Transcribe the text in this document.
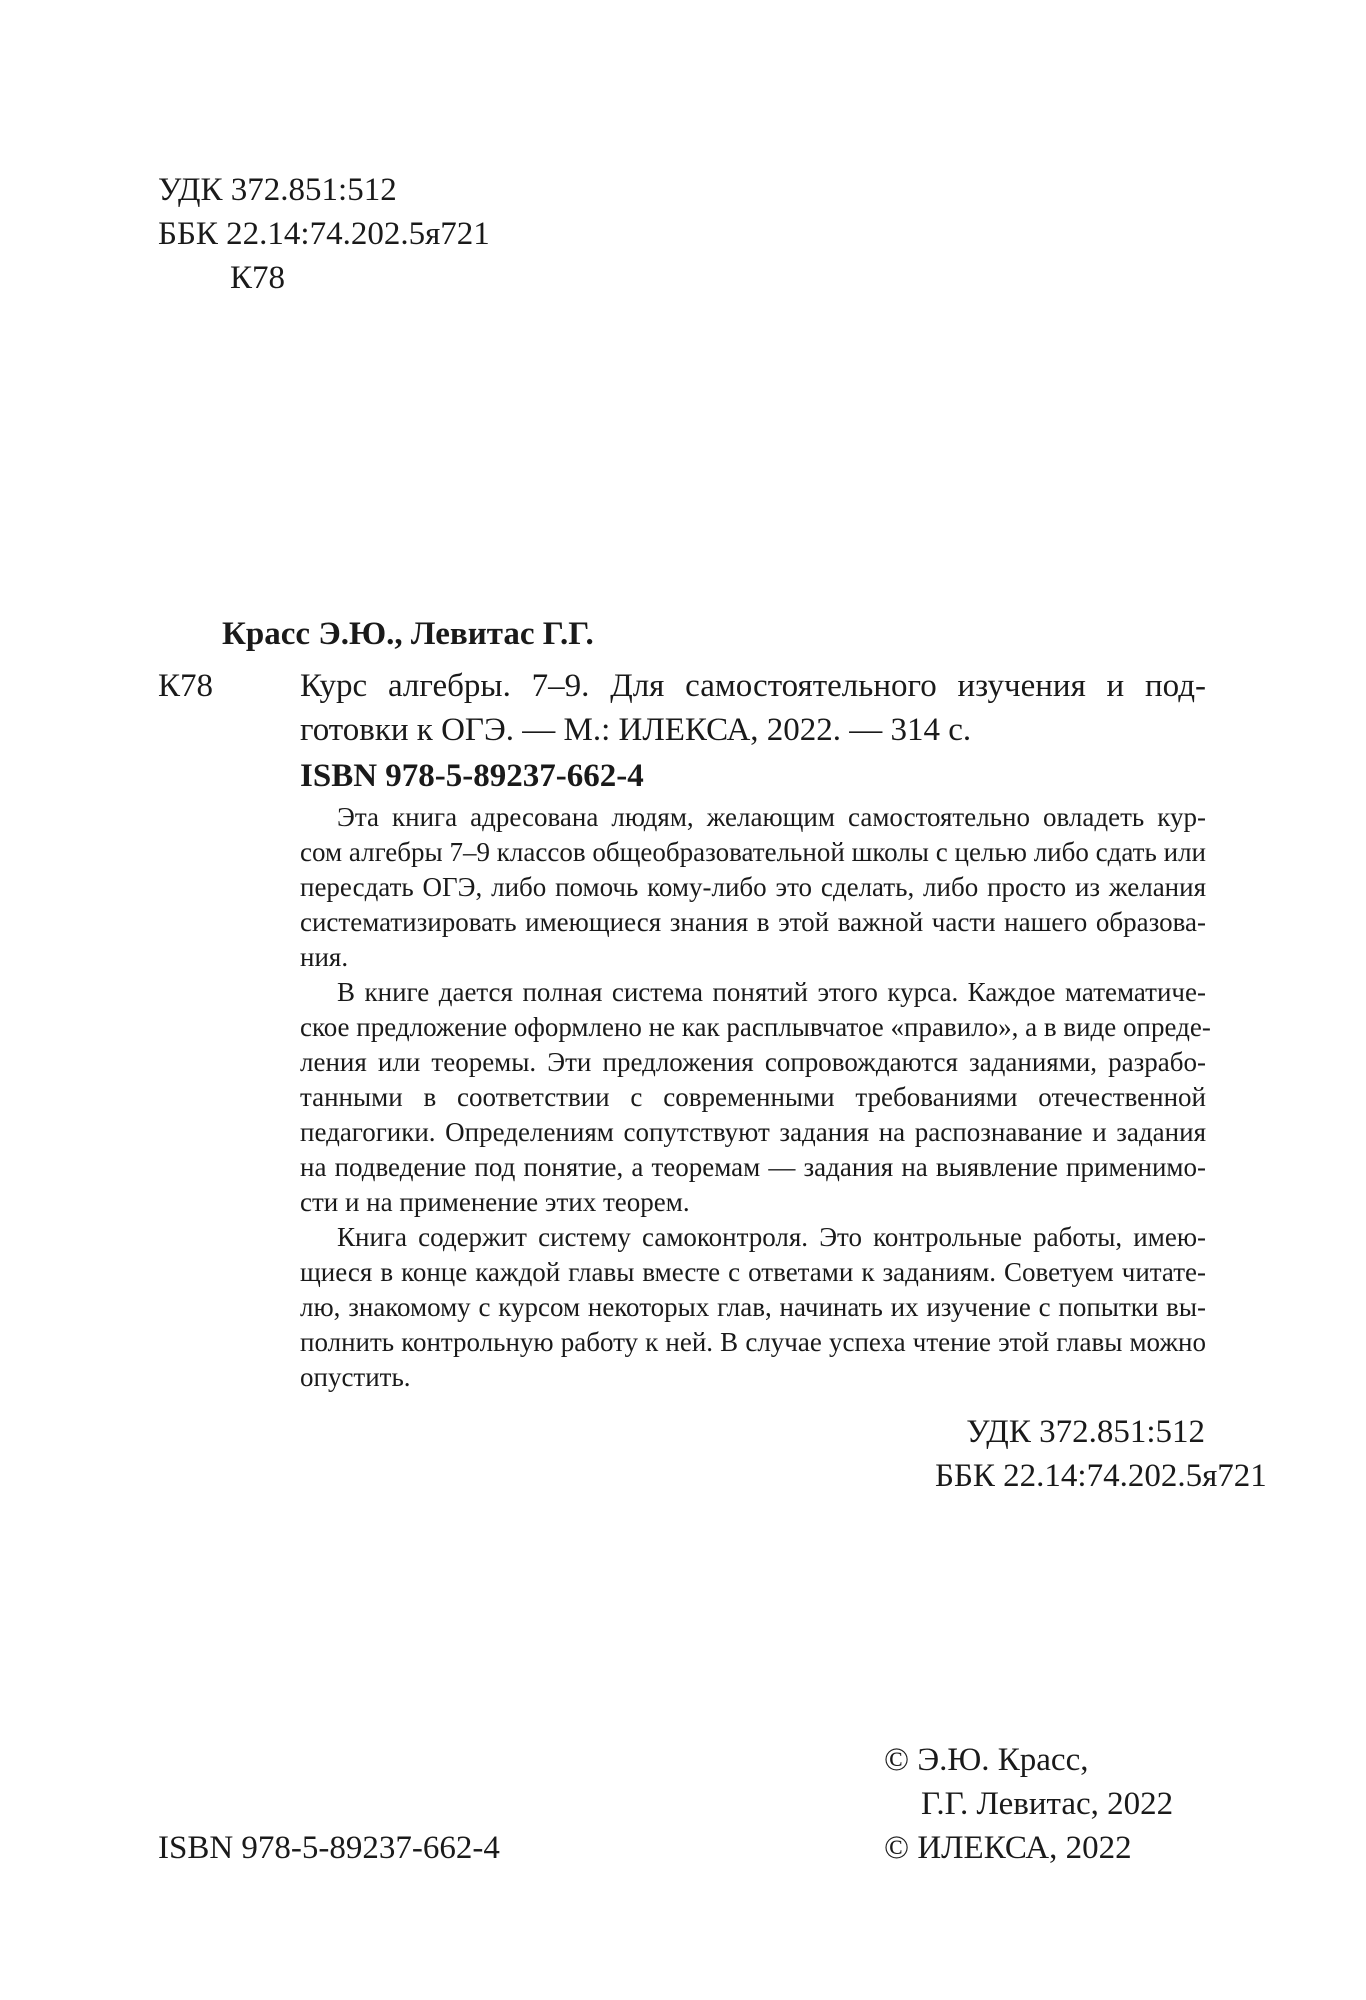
УДК 372.851:512
ББК 22.14:74.202.5я721
К78
Красс Э.Ю., Левитас Г.Г.
К78	Курс алгебры. 7–9. Для самостоятельного изучения и под-
готовки к ОГЭ. — М.: ИЛЕКСА, 2022. — 314 с.
ISBN 978-5-89237-662-4
Эта книга адресована людям, желающим самостоятельно овладеть кур-
сом алгебры 7–9 классов общеобразовательной школы с целью либо сдать или
пересдать ОГЭ, либо помочь кому-либо это сделать, либо просто из желания
систематизировать имеющиеся знания в этой важной части нашего образова-
ния.
В книге дается полная система понятий этого курса. Каждое математиче-
ское предложение оформлено не как расплывчатое «правило», а в виде опреде-
ления или теоремы. Эти предложения сопровождаются заданиями, разрабо-
танными в соответствии с современными требованиями отечественной
педагогики. Определениям сопутствуют задания на распознавание и задания
на подведение под понятие, а теоремам — задания на выявление применимо-
сти и на применение этих теорем.
Книга содержит систему самоконтроля. Это контрольные работы, имею-
щиеся в конце каждой главы вместе с ответами к заданиям. Советуем читате-
лю, знакомому с курсом некоторых глав, начинать их изучение с попытки вы-
полнить контрольную работу к ней. В случае успеха чтение этой главы можно
опустить.
УДК 372.851:512
ББК 22.14:74.202.5я721
© Э.Ю. Красс,
Г.Г. Левитас, 2022
© ИЛЕКСА, 2022
ISBN 978-5-89237-662-4
